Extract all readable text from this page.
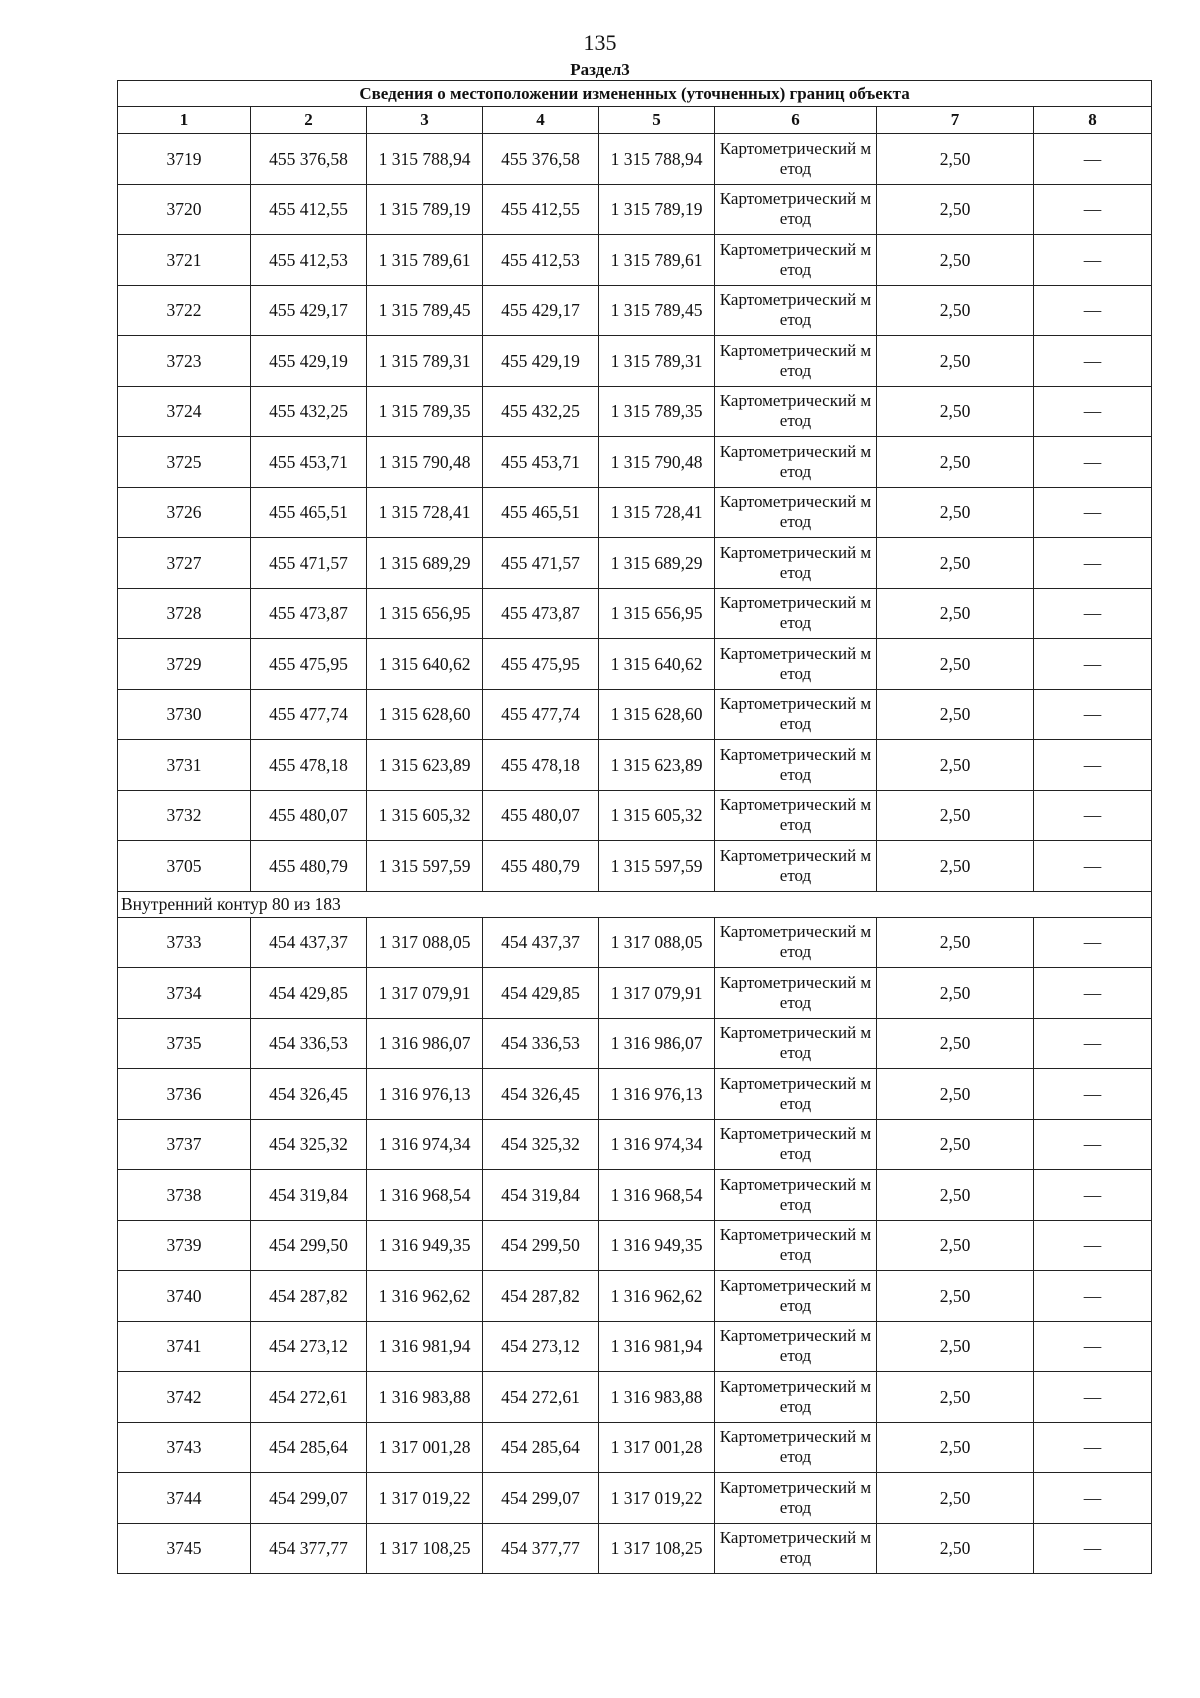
135
Раздел3
Сведения о местоположении измененных (уточненных) границ объекта							
1	2	3	4	5	6	7	8
3719	455 376,58	1 315 788,94	455 376,58	1 315 788,94	Картометрический метод	2,50	—
3720	455 412,55	1 315 789,19	455 412,55	1 315 789,19	Картометрический метод	2,50	—
3721	455 412,53	1 315 789,61	455 412,53	1 315 789,61	Картометрический метод	2,50	—
3722	455 429,17	1 315 789,45	455 429,17	1 315 789,45	Картометрический метод	2,50	—
3723	455 429,19	1 315 789,31	455 429,19	1 315 789,31	Картометрический метод	2,50	—
3724	455 432,25	1 315 789,35	455 432,25	1 315 789,35	Картометрический метод	2,50	—
3725	455 453,71	1 315 790,48	455 453,71	1 315 790,48	Картометрический метод	2,50	—
3726	455 465,51	1 315 728,41	455 465,51	1 315 728,41	Картометрический метод	2,50	—
3727	455 471,57	1 315 689,29	455 471,57	1 315 689,29	Картометрический метод	2,50	—
3728	455 473,87	1 315 656,95	455 473,87	1 315 656,95	Картометрический метод	2,50	—
3729	455 475,95	1 315 640,62	455 475,95	1 315 640,62	Картометрический метод	2,50	—
3730	455 477,74	1 315 628,60	455 477,74	1 315 628,60	Картометрический метод	2,50	—
3731	455 478,18	1 315 623,89	455 478,18	1 315 623,89	Картометрический метод	2,50	—
3732	455 480,07	1 315 605,32	455 480,07	1 315 605,32	Картометрический метод	2,50	—
3705	455 480,79	1 315 597,59	455 480,79	1 315 597,59	Картометрический метод	2,50	—
Внутренний контур 80 из 183							
3733	454 437,37	1 317 088,05	454 437,37	1 317 088,05	Картометрический метод	2,50	—
3734	454 429,85	1 317 079,91	454 429,85	1 317 079,91	Картометрический метод	2,50	—
3735	454 336,53	1 316 986,07	454 336,53	1 316 986,07	Картометрический метод	2,50	—
3736	454 326,45	1 316 976,13	454 326,45	1 316 976,13	Картометрический метод	2,50	—
3737	454 325,32	1 316 974,34	454 325,32	1 316 974,34	Картометрический метод	2,50	—
3738	454 319,84	1 316 968,54	454 319,84	1 316 968,54	Картометрический метод	2,50	—
3739	454 299,50	1 316 949,35	454 299,50	1 316 949,35	Картометрический метод	2,50	—
3740	454 287,82	1 316 962,62	454 287,82	1 316 962,62	Картометрический метод	2,50	—
3741	454 273,12	1 316 981,94	454 273,12	1 316 981,94	Картометрический метод	2,50	—
3742	454 272,61	1 316 983,88	454 272,61	1 316 983,88	Картометрический метод	2,50	—
3743	454 285,64	1 317 001,28	454 285,64	1 317 001,28	Картометрический метод	2,50	—
3744	454 299,07	1 317 019,22	454 299,07	1 317 019,22	Картометрический метод	2,50	—
3745	454 377,77	1 317 108,25	454 377,77	1 317 108,25	Картометрический метод	2,50	—
